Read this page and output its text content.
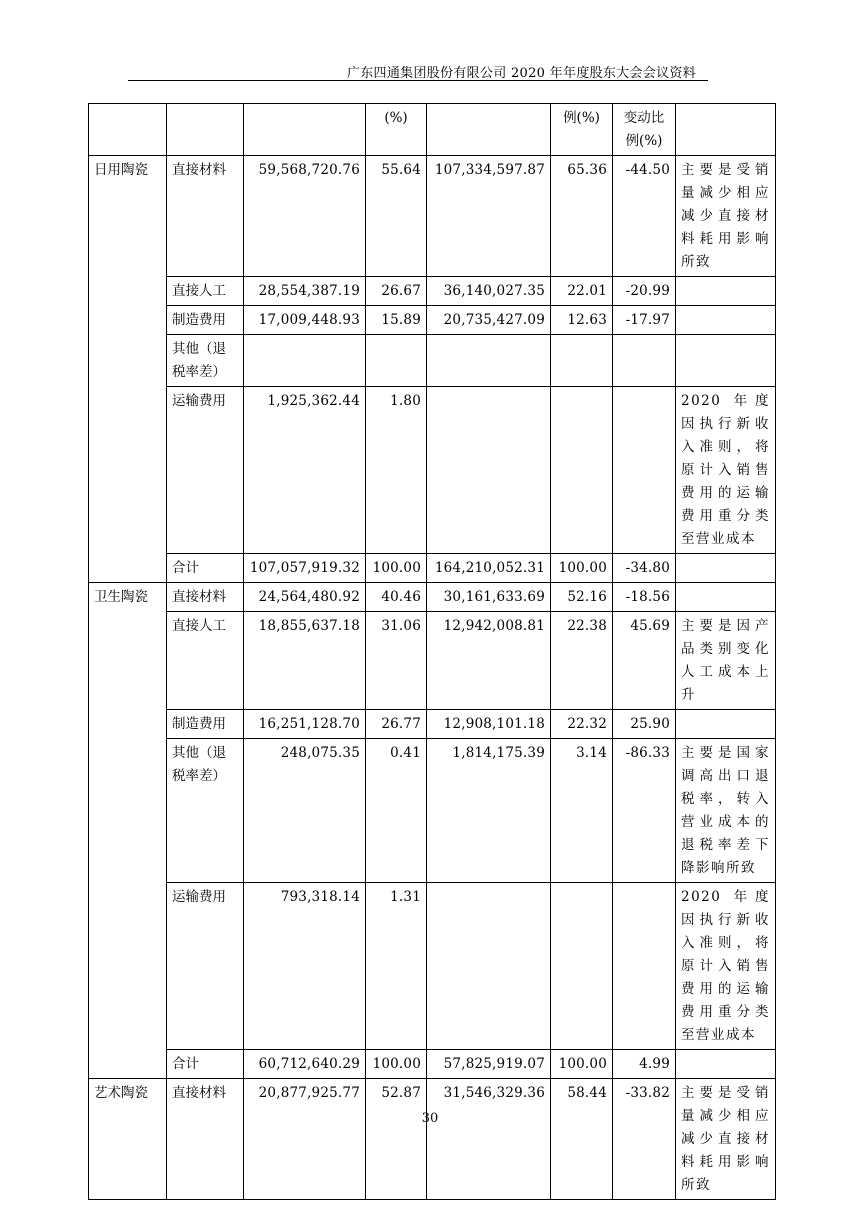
广东四通集团股份有限公司 2020 年年度股东大会会议资料
			(%)		例(%)	变动比例(%)	
日用陶瓷	直接材料	59,568,720.76	55.64	107,334,597.87	65.36	-44.50	主要是受销量减少相应减少直接材料耗用影响所致
	直接人工	28,554,387.19	26.67	36,140,027.35	22.01	-20.99	
	制造费用	17,009,448.93	15.89	20,735,427.09	12.63	-17.97	
	其他（退税率差）						
	运输费用	1,925,362.44	1.80				2020 年度因执行新收入准则，将原计入销售费用的运输费用重分类至营业成本
	合计	107,057,919.32	100.00	164,210,052.31	100.00	-34.80	
卫生陶瓷	直接材料	24,564,480.92	40.46	30,161,633.69	52.16	-18.56	
	直接人工	18,855,637.18	31.06	12,942,008.81	22.38	45.69	主要是因产品类别变化人工成本上升
	制造费用	16,251,128.70	26.77	12,908,101.18	22.32	25.90	
	其他（退税率差）	248,075.35	0.41	1,814,175.39	3.14	-86.33	主要是国家调高出口退税率，转入营业成本的退税率差下降影响所致
	运输费用	793,318.14	1.31				2020 年度因执行新收入准则，将原计入销售费用的运输费用重分类至营业成本
	合计	60,712,640.29	100.00	57,825,919.07	100.00	4.99	
艺术陶瓷	直接材料	20,877,925.77	52.87	31,546,329.36	58.44	-33.82	主要是受销量减少相应减少直接材料耗用影响所致
30
